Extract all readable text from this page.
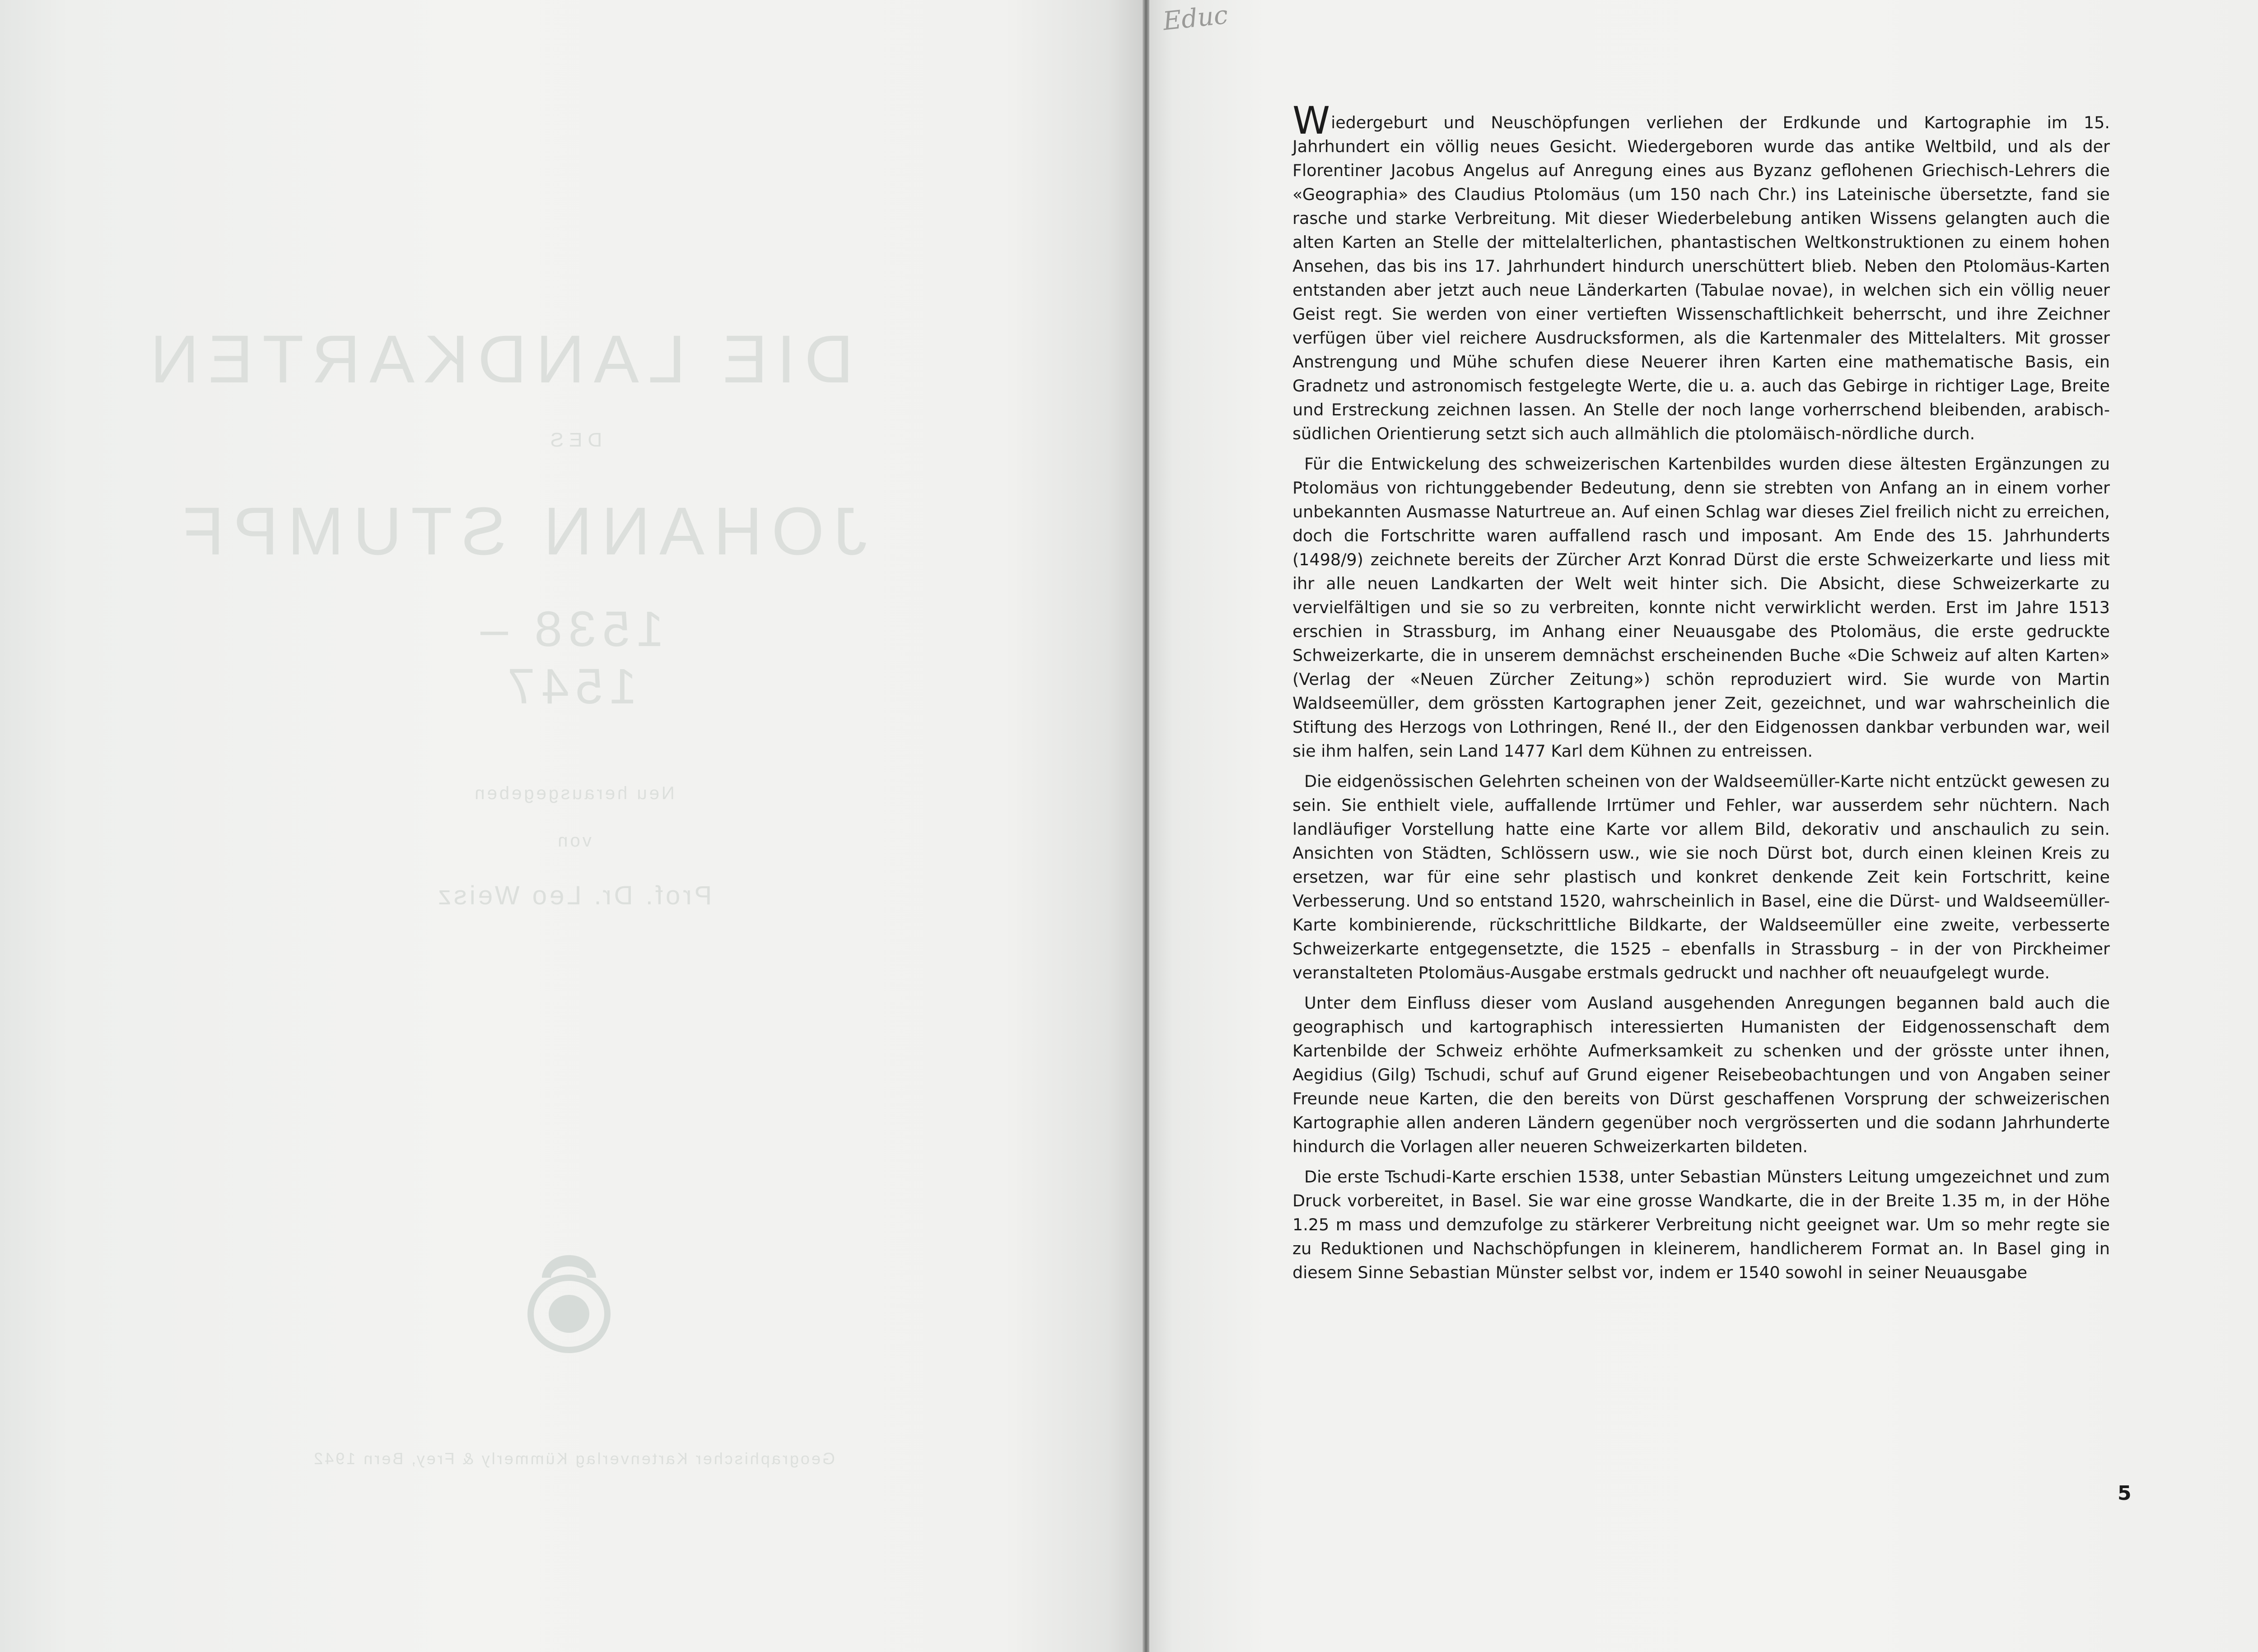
DIE LANDKARTEN
DES
JOHANN STUMPF
1538 – 1547
Neu herausgegeben
von
Prof. Dr. Leo Weisz
Geographischer Kartenverlag Kümmerly & Frey, Bern 1942
Educ

Wiedergeburt und Neuschöpfungen verliehen der Erdkunde und Kartographie im 15. Jahrhundert ein völlig neues Gesicht. Wiedergeboren wurde das antike Weltbild, und als der Florentiner Jacobus Angelus auf Anregung eines aus Byzanz geflohenen Griechisch-Lehrers die «Geographia» des Claudius Ptolomäus (um 150 nach Chr.) ins Lateinische übersetzte, fand sie rasche und starke Verbreitung. Mit dieser Wiederbelebung antiken Wissens gelangten auch die alten Karten an Stelle der mittelalterlichen, phantastischen Weltkonstruktionen zu einem hohen Ansehen, das bis ins 17. Jahrhundert hindurch unerschüttert blieb. Neben den Ptolomäus-Karten entstanden aber jetzt auch neue Länderkarten (Tabulae novae), in welchen sich ein völlig neuer Geist regt. Sie werden von einer vertieften Wissenschaftlichkeit beherrscht, und ihre Zeichner verfügen über viel reichere Ausdrucksformen, als die Kartenmaler des Mittelalters. Mit grosser Anstrengung und Mühe schufen diese Neuerer ihren Karten eine mathematische Basis, ein Gradnetz und astronomisch festgelegte Werte, die u. a. auch das Gebirge in richtiger Lage, Breite und Erstreckung zeichnen lassen. An Stelle der noch lange vorherrschend bleibenden, arabisch-südlichen Orientierung setzt sich auch allmählich die ptolomäisch-nördliche durch.

Für die Entwickelung des schweizerischen Kartenbildes wurden diese ältesten Ergänzungen zu Ptolomäus von richtunggebender Bedeutung, denn sie strebten von Anfang an in einem vorher unbekannten Ausmasse Naturtreue an. Auf einen Schlag war dieses Ziel freilich nicht zu erreichen, doch die Fortschritte waren auffallend rasch und imposant. Am Ende des 15. Jahrhunderts (1498/9) zeichnete bereits der Zürcher Arzt Konrad Dürst die erste Schweizerkarte und liess mit ihr alle neuen Landkarten der Welt weit hinter sich. Die Absicht, diese Schweizerkarte zu vervielfältigen und sie so zu verbreiten, konnte nicht verwirklicht werden. Erst im Jahre 1513 erschien in Strassburg, im Anhang einer Neuausgabe des Ptolomäus, die erste gedruckte Schweizerkarte, die in unserem demnächst erscheinenden Buche «Die Schweiz auf alten Karten» (Verlag der «Neuen Zürcher Zeitung») schön reproduziert wird. Sie wurde von Martin Waldseemüller, dem grössten Kartographen jener Zeit, gezeichnet, und war wahrscheinlich die Stiftung des Herzogs von Lothringen, René II., der den Eidgenossen dankbar verbunden war, weil sie ihm halfen, sein Land 1477 Karl dem Kühnen zu entreissen.

Die eidgenössischen Gelehrten scheinen von der Waldseemüller-Karte nicht entzückt gewesen zu sein. Sie enthielt viele, auffallende Irrtümer und Fehler, war ausserdem sehr nüchtern. Nach landläufiger Vorstellung hatte eine Karte vor allem Bild, dekorativ und anschaulich zu sein. Ansichten von Städten, Schlössern usw., wie sie noch Dürst bot, durch einen kleinen Kreis zu ersetzen, war für eine sehr plastisch und konkret denkende Zeit kein Fortschritt, keine Verbesserung. Und so entstand 1520, wahrscheinlich in Basel, eine die Dürst- und Waldseemüller-Karte kombinierende, rückschrittliche Bildkarte, der Waldseemüller eine zweite, verbesserte Schweizerkarte entgegensetzte, die 1525 – ebenfalls in Strassburg – in der von Pirckheimer veranstalteten Ptolomäus-Ausgabe erstmals gedruckt und nachher oft neuaufgelegt wurde.

Unter dem Einfluss dieser vom Ausland ausgehenden Anregungen begannen bald auch die geographisch und kartographisch interessierten Humanisten der Eidgenossenschaft dem Kartenbilde der Schweiz erhöhte Aufmerksamkeit zu schenken und der grösste unter ihnen, Aegidius (Gilg) Tschudi, schuf auf Grund eigener Reisebeobachtungen und von Angaben seiner Freunde neue Karten, die den bereits von Dürst geschaffenen Vorsprung der schweizerischen Kartographie allen anderen Ländern gegenüber noch vergrösserten und die sodann Jahrhunderte hindurch die Vorlagen aller neueren Schweizerkarten bildeten.

Die erste Tschudi-Karte erschien 1538, unter Sebastian Münsters Leitung umgezeichnet und zum Druck vorbereitet, in Basel. Sie war eine grosse Wandkarte, die in der Breite 1.35 m, in der Höhe 1.25 m mass und demzufolge zu stärkerer Verbreitung nicht geeignet war. Um so mehr regte sie zu Reduktionen und Nachschöpfungen in kleinerem, handlicherem Format an. In Basel ging in diesem Sinne Sebastian Münster selbst vor, indem er 1540 sowohl in seiner Neuausgabe

5
